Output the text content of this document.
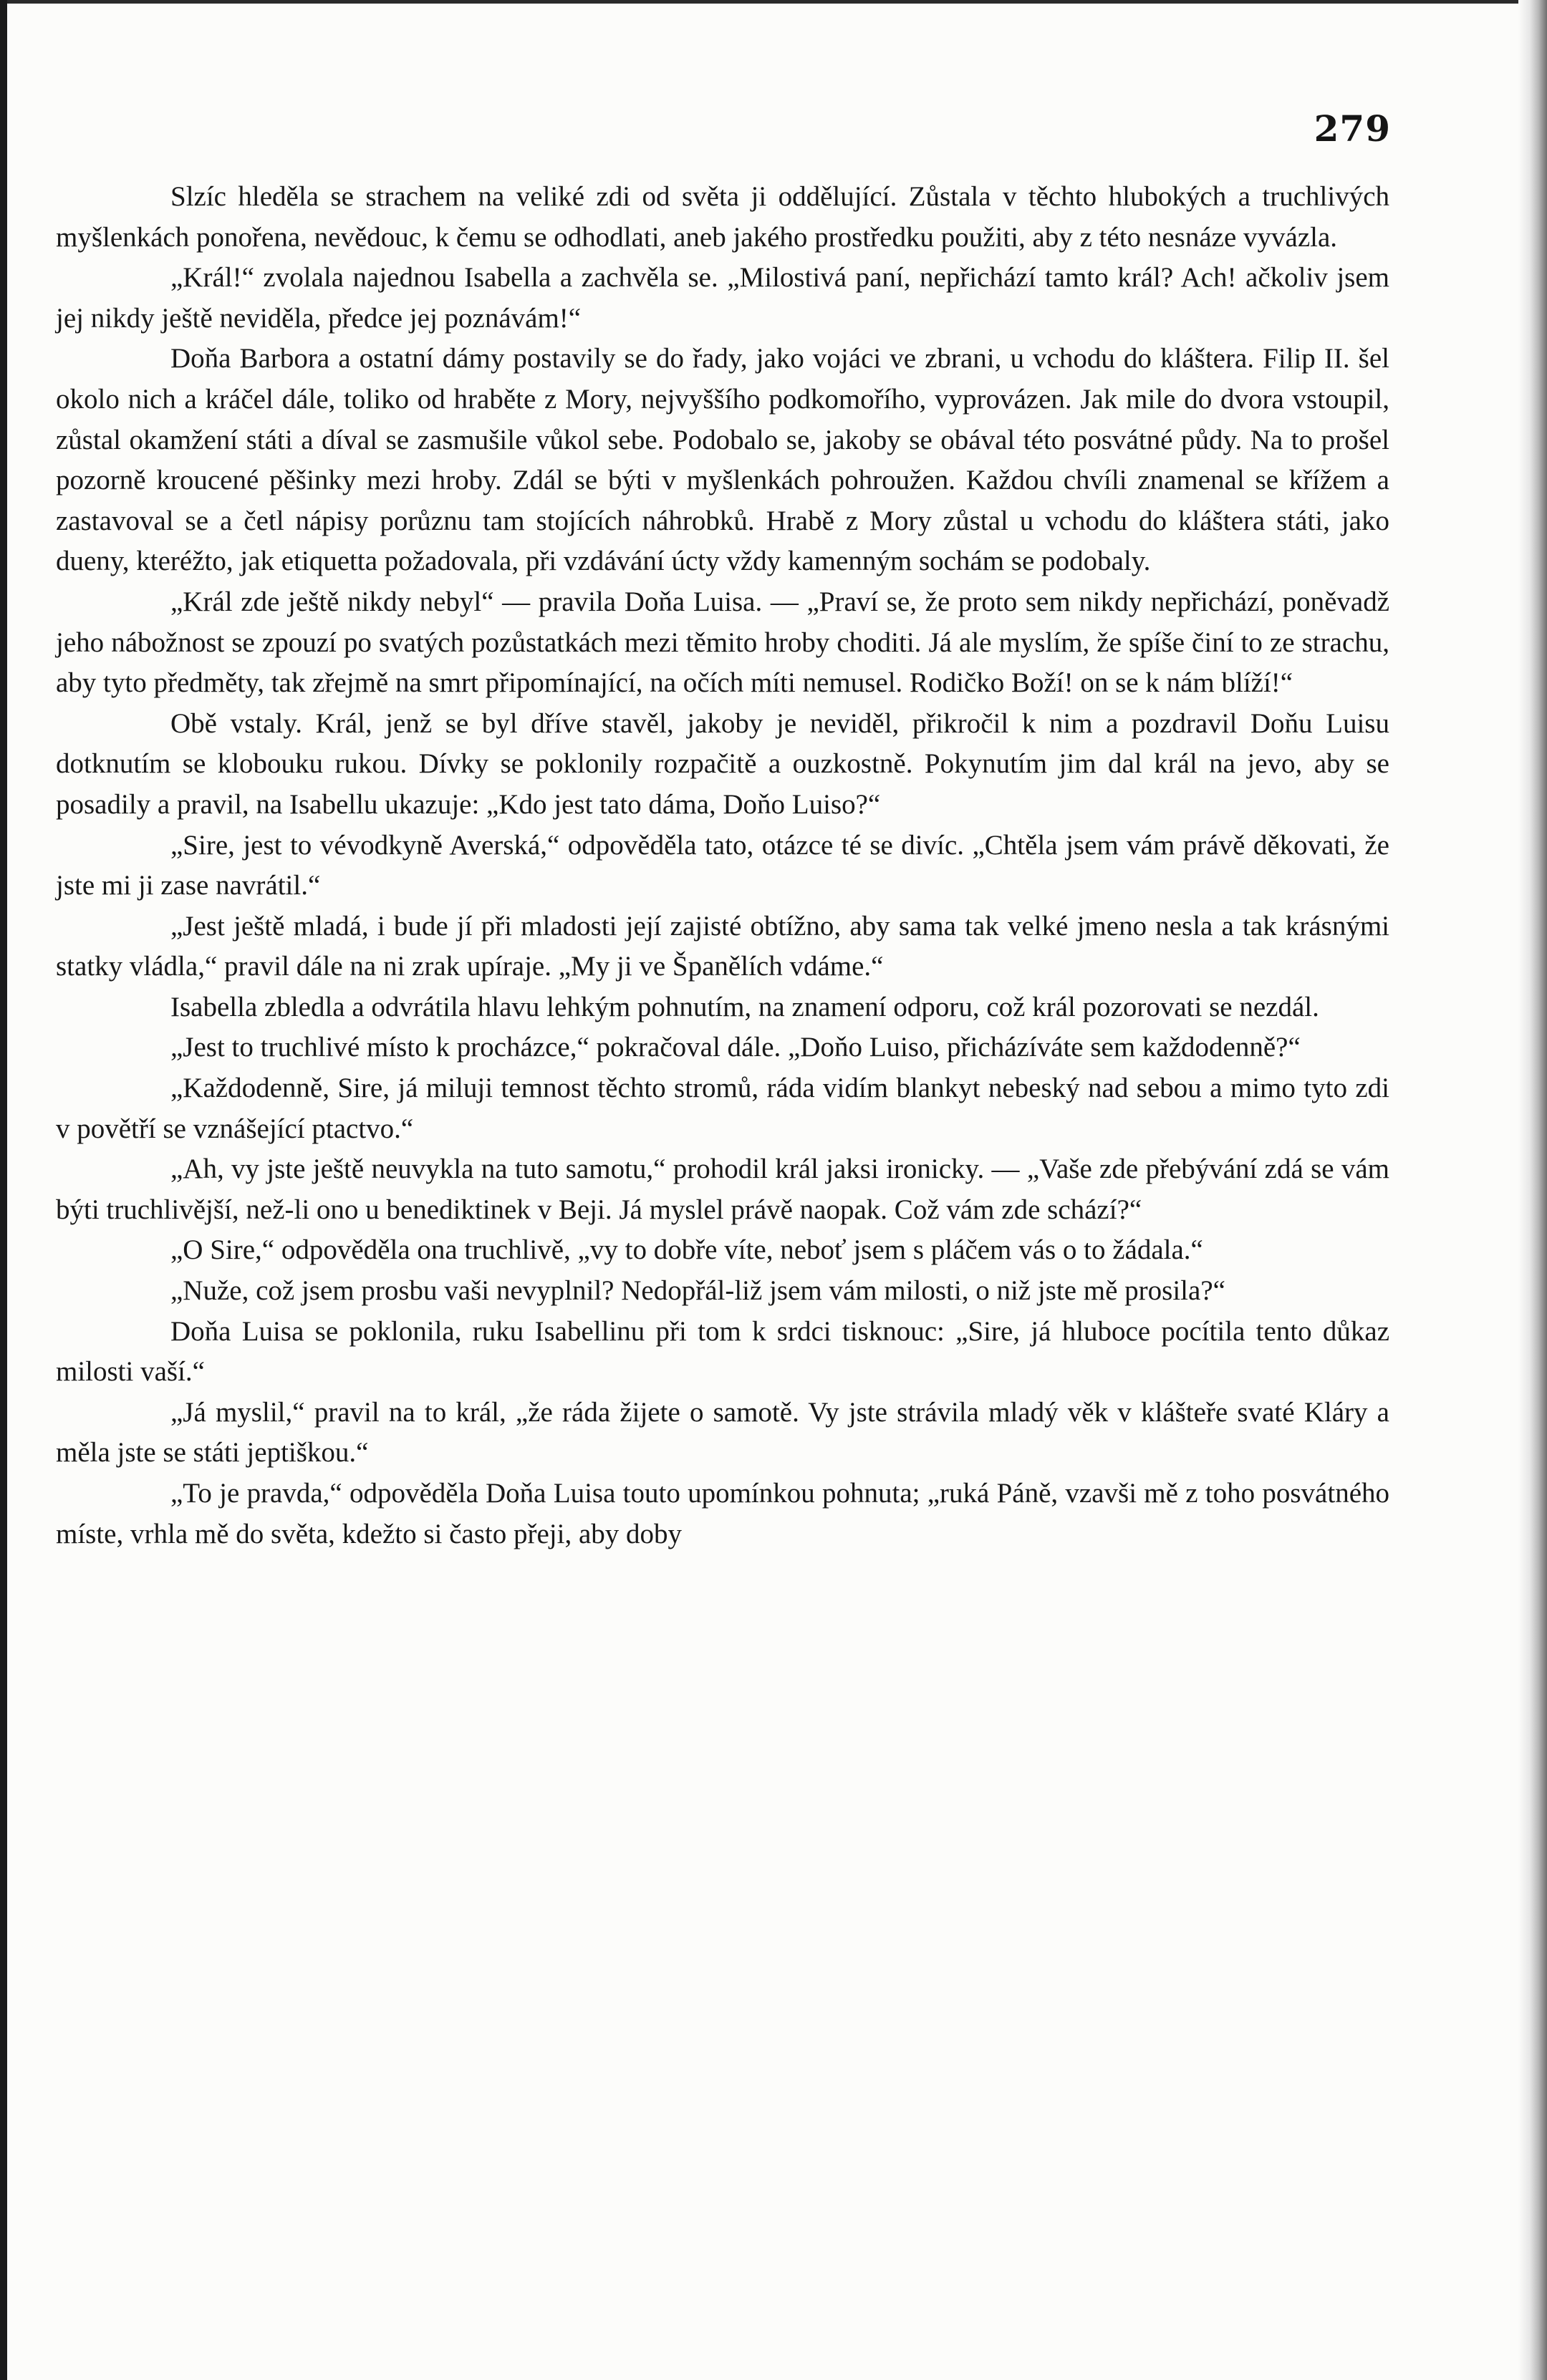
279

Slzíc hleděla se strachem na veliké zdi od světa ji oddělující. Zůstala v těchto hlubokých a truchlivých myšlenkách ponořena, nevědouc, k čemu se odhodlati, aneb jakého prostředku použiti, aby z této nesnáze vyvázla.

„Král!“ zvolala najednou Isabella a zachvěla se. „Milostivá paní, nepřichází tamto král? Ach! ačkoliv jsem jej nikdy ještě neviděla, předce jej poznávám!“

Doňa Barbora a ostatní dámy postavily se do řady, jako vojáci ve zbrani, u vchodu do kláštera. Filip II. šel okolo nich a kráčel dále, toliko od hraběte z Mory, nejvyššího podkomořího, vyprovázen. Jak mile do dvora vstoupil, zůstal okamžení státi a díval se zasmušile vůkol sebe. Podobalo se, jakoby se obával této posvátné půdy. Na to prošel pozorně kroucené pěšinky mezi hroby. Zdál se býti v myšlenkách pohroužen. Každou chvíli znamenal se křížem a zastavoval se a četl nápisy porůznu tam stojících náhrobků. Hrabě z Mory zůstal u vchodu do kláštera státi, jako dueny, kteréžto, jak etiquetta požadovala, při vzdávání úcty vždy kamenným sochám se podobaly.

„Král zde ještě nikdy nebyl“ — pravila Doňa Luisa. — „Praví se, že proto sem nikdy nepřichází, poněvadž jeho nábožnost se zpouzí po svatých pozůstatkách mezi těmito hroby choditi. Já ale myslím, že spíše činí to ze strachu, aby tyto předměty, tak zřejmě na smrt připomínající, na očích míti nemusel. Rodičko Boží! on se k nám blíží!“

Obě vstaly. Král, jenž se byl dříve stavěl, jakoby je neviděl, přikročil k nim a pozdravil Doňu Luisu dotknutím se klobouku rukou. Dívky se poklonily rozpačitě a ouzkostně. Pokynutím jim dal král na jevo, aby se posadily a pravil, na Isabellu ukazuje: „Kdo jest tato dáma, Doňo Luiso?“

„Sire, jest to vévodkyně Averská,“ odpověděla tato, otázce té se divíc. „Chtěla jsem vám právě děkovati, že jste mi ji zase navrátil.“

„Jest ještě mladá, i bude jí při mladosti její zajisté obtížno, aby sama tak velké jmeno nesla a tak krásnými statky vládla,“ pravil dále na ni zrak upíraje. „My ji ve Španělích vdáme.“

Isabella zbledla a odvrátila hlavu lehkým pohnutím, na znamení odporu, což král pozorovati se nezdál.

„Jest to truchlivé místo k procházce,“ pokračoval dále. „Doňo Luiso, přicházíváte sem každodenně?“

„Každodenně, Sire, já miluji temnost těchto stromů, ráda vidím blankyt nebeský nad sebou a mimo tyto zdi v povětří se vznášející ptactvo.“

„Ah, vy jste ještě neuvykla na tuto samotu,“ prohodil král jaksi ironicky. — „Vaše zde přebývání zdá se vám býti truchlivější, než-li ono u benediktinek v Beji. Já myslel právě naopak. Což vám zde schází?“

„O Sire,“ odpověděla ona truchlivě, „vy to dobře víte, neboť jsem s pláčem vás o to žádala.“

„Nuže, což jsem prosbu vaši nevyplnil? Nedopřál-liž jsem vám milosti, o niž jste mě prosila?“

Doňa Luisa se poklonila, ruku Isabellinu při tom k srdci tisknouc: „Sire, já hluboce pocítila tento důkaz milosti vaší.“

„Já myslil,“ pravil na to král, „že ráda žijete o samotě. Vy jste strávila mladý věk v klášteře svaté Kláry a měla jste se státi jeptiškou.“

„To je pravda,“ odpověděla Doňa Luisa touto upomínkou pohnuta; „ruká Páně, vzavši mě z toho posvátného míste, vrhla mě do světa, kdežto si často přeji, aby doby
